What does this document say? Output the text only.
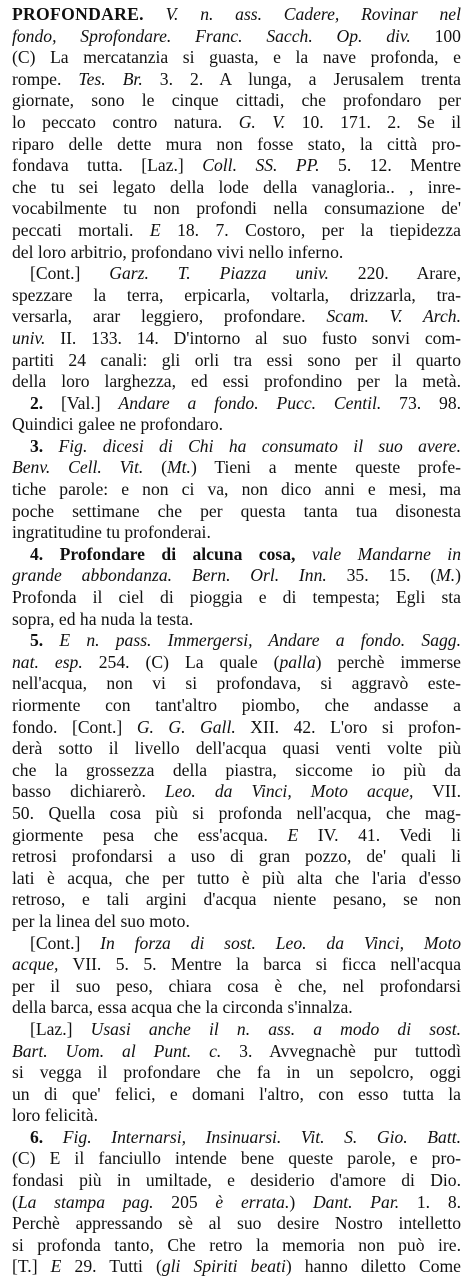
PROFONDARE. V. n. ass. Cadere, Rovinar nel
fondo, Sprofondare. Franc. Sacch. Op. div. 100
(C) La mercatanzia si guasta, e la nave profonda, e
rompe. Tes. Br. 3. 2. A lunga, a Jerusalem trenta
giornate, sono le cinque cittadi, che profondaro per
lo peccato contro natura. G. V. 10. 171. 2. Se il
riparo delle dette mura non fosse stato, la città pro-
fondava tutta. [Laz.] Coll. SS. PP. 5. 12. Mentre
che tu sei legato della lode della vanagloria.. , inre-
vocabilmente tu non profondi nella consumazione de'
peccati mortali. E 18. 7. Costoro, per la tiepidezza
del loro arbitrio, profondano vivi nello inferno.
[Cont.] Garz. T. Piazza univ. 220. Arare,
spezzare la terra, erpicarla, voltarla, drizzarla, tra-
versarla, arar leggiero, profondare. Scam. V. Arch.
univ. II. 133. 14. D'intorno al suo fusto sonvi com-
partiti 24 canali: gli orli tra essi sono per il quarto
della loro larghezza, ed essi profondino per la metà.
2. [Val.] Andare a fondo. Pucc. Centil. 73. 98.
Quindici galee ne profondaro.
3. Fig. dicesi di Chi ha consumato il suo avere.
Benv. Cell. Vit. (Mt.) Tieni a mente queste profe-
tiche parole: e non ci va, non dico anni e mesi, ma
poche settimane che per questa tanta tua disonesta
ingratitudine tu profonderai.
4. Profondare di alcuna cosa, vale Mandarne in
grande abbondanza. Bern. Orl. Inn. 35. 15. (M.)
Profonda il ciel di pioggia e di tempesta; Egli sta
sopra, ed ha nuda la testa.
5. E n. pass. Immergersi, Andare a fondo. Sagg.
nat. esp. 254. (C) La quale (palla) perchè immerse
nell'acqua, non vi si profondava, si aggravò este-
riormente con tant'altro piombo, che andasse a
fondo. [Cont.] G. G. Gall. XII. 42. L'oro si profon-
derà sotto il livello dell'acqua quasi venti volte più
che la grossezza della piastra, siccome io più da
basso dichiarerò. Leo. da Vinci, Moto acque, VII.
50. Quella cosa più si profonda nell'acqua, che mag-
giormente pesa che ess'acqua. E IV. 41. Vedi li
retrosi profondarsi a uso di gran pozzo, de' quali li
lati è acqua, che per tutto è più alta che l'aria d'esso
retroso, e tali argini d'acqua niente pesano, se non
per la linea del suo moto.
[Cont.] In forza di sost. Leo. da Vinci, Moto
acque, VII. 5. 5. Mentre la barca si ficca nell'acqua
per il suo peso, chiara cosa è che, nel profondarsi
della barca, essa acqua che la circonda s'innalza.
[Laz.] Usasi anche il n. ass. a modo di sost.
Bart. Uom. al Punt. c. 3. Avvegnachè pur tuttodì
si vegga il profondare che fa in un sepolcro, oggi
un di que' felici, e domani l'altro, con esso tutta la
loro felicità.
6. Fig. Internarsi, Insinuarsi. Vit. S. Gio. Batt.
(C) E il fanciullo intende bene queste parole, e pro-
fondasi più in umiltade, e desiderio d'amore di Dio.
(La stampa pag. 205 è errata.) Dant. Par. 1. 8.
Perchè appressando sè al suo desire Nostro intelletto
si profonda tanto, Che retro la memoria non può ire.
[T.] E 29. Tutti (gli Spiriti beati) hanno diletto Come
